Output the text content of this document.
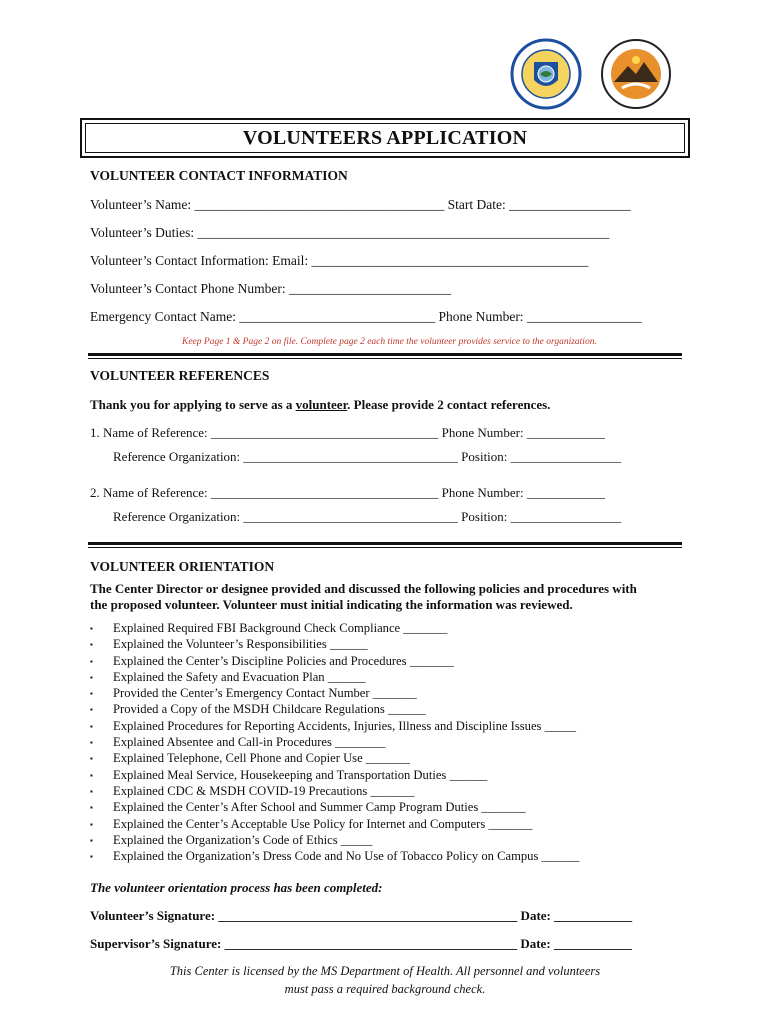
VOLUNTEERS APPLICATION
VOLUNTEER CONTACT INFORMATION
Volunteer’s Name: _____________________________________ Start Date: __________________
Volunteer’s Duties: _____________________________________________________________
Volunteer’s Contact Information: Email: _________________________________________
Volunteer’s Contact Phone Number: ________________________
Emergency Contact Name: _____________________________ Phone Number: _________________
Keep Page 1 & Page 2 on file. Complete page 2 each time the volunteer provides service to the organization.
VOLUNTEER REFERENCES
Thank you for applying to serve as a volunteer. Please provide 2 contact references.
1. Name of Reference: ___________________________________ Phone Number: ____________
Reference Organization: _________________________________ Position: _________________
2. Name of Reference: ___________________________________ Phone Number: ____________
Reference Organization: _________________________________ Position: _________________
VOLUNTEER ORIENTATION
The Center Director or designee provided and discussed the following policies and procedures with
the proposed volunteer. Volunteer must initial indicating the information was reviewed.
▪ Explained Required FBI Background Check Compliance _______
▪ Explained the Volunteer’s Responsibilities ______
▪ Explained the Center’s Discipline Policies and Procedures _______
▪ Explained the Safety and Evacuation Plan ______
▪ Provided the Center’s Emergency Contact Number _______
▪ Provided a Copy of the MSDH Childcare Regulations ______
▪ Explained Procedures for Reporting Accidents, Injuries, Illness and Discipline Issues _____
▪ Explained Absentee and Call-in Procedures ________
▪ Explained Telephone, Cell Phone and Copier Use _______
▪ Explained Meal Service, Housekeeping and Transportation Duties ______
▪ Explained CDC & MSDH COVID-19 Precautions _______
▪ Explained the Center’s After School and Summer Camp Program Duties _______
▪ Explained the Center’s Acceptable Use Policy for Internet and Computers _______
▪ Explained the Organization’s Code of Ethics _____
▪ Explained the Organization’s Dress Code and No Use of Tobacco Policy on Campus ______
The volunteer orientation process has been completed:
Volunteer’s Signature: ______________________________________________ Date: ____________
Supervisor’s Signature: _____________________________________________ Date: ____________
This Center is licensed by the MS Department of Health. All personnel and volunteers
must pass a required background check.
